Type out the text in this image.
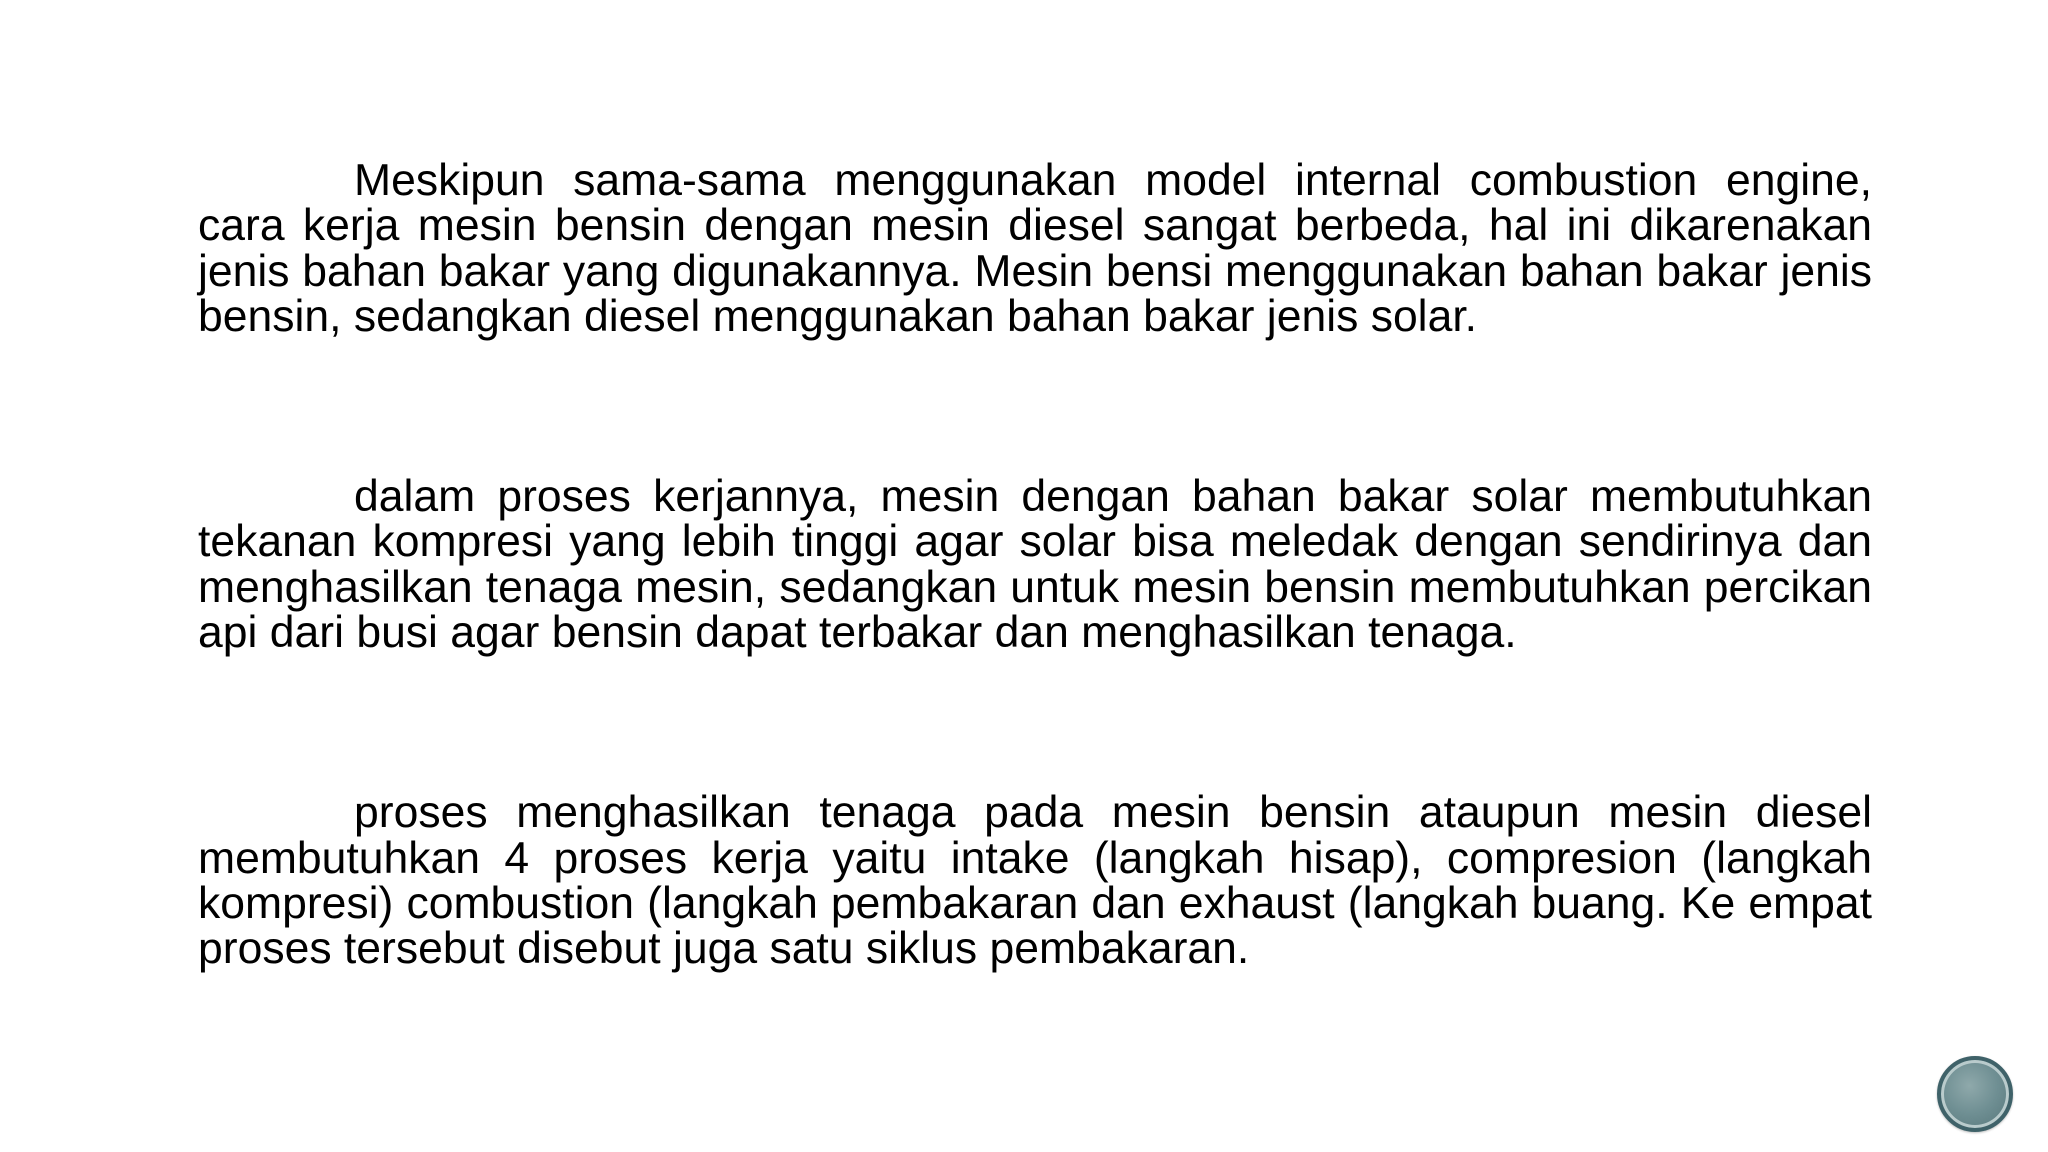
Meskipun sama-sama menggunakan model internal combustion engine, cara kerja mesin bensin dengan mesin diesel sangat berbeda, hal ini dikarenakan jenis bahan bakar yang digunakannya. Mesin bensi menggunakan bahan bakar jenis bensin, sedangkan diesel menggunakan bahan bakar jenis solar.

dalam proses kerjannya, mesin dengan bahan bakar solar membutuhkan tekanan kompresi yang lebih tinggi agar solar bisa meledak dengan sendirinya dan menghasilkan tenaga mesin, sedangkan untuk mesin bensin membutuhkan percikan api dari busi agar bensin dapat terbakar dan menghasilkan tenaga.

proses menghasilkan tenaga pada mesin bensin ataupun mesin diesel membutuhkan 4 proses kerja yaitu intake (langkah hisap), compresion (langkah kompresi) combustion (langkah pembakaran dan exhaust (langkah buang. Ke empat proses tersebut disebut juga satu siklus pembakaran.
